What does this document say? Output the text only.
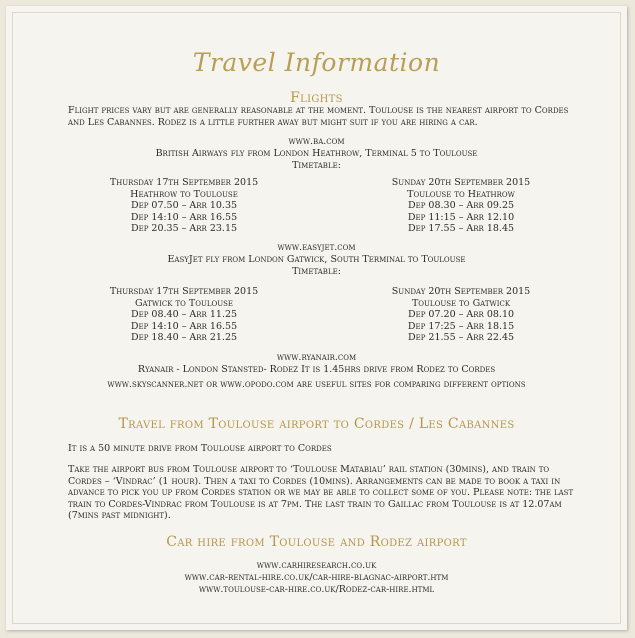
Travel Information
Flights
Flight prices vary but are generally reasonable at the moment. Toulouse is the nearest airport to Cordes and Les Cabannes. Rodez is a little further away but might suit if you are hiring a car.
www.ba.com
British Airways fly from London Heathrow, Terminal 5 to Toulouse
Timetable:
Thursday 17th September 2015
Heathrow to Toulouse
Dep 07.50 – Arr 10.35
Dep 14:10 – Arr 16.55
Dep 20.35 – Arr 23.15
Sunday 20th September 2015
Toulouse to Heathrow
Dep 08.30 – Arr 09.25
Dep 11:15 – Arr 12.10
Dep 17.55 – Arr 18.45
www.easyjet.com
EasyJet fly from London Gatwick, South Terminal to Toulouse
Timetable:
Thursday 17th September 2015
Gatwick to Toulouse
Dep 08.40 – Arr 11.25
Dep 14:10 – Arr 16.55
Dep 18.40 – Arr 21.25
Sunday 20th September 2015
Toulouse to Gatwick
Dep 07.20 – Arr 08.10
Dep 17:25 – Arr 18.15
Dep 21.55 – Arr 22.45
www.ryanair.com
Ryanair - London Stansted- Rodez It is 1.45hrs drive from Rodez to Cordes
www.skyscanner.net or www.opodo.com are useful sites for comparing different options
Travel from Toulouse airport to Cordes / Les Cabannes
It is a 50 minute drive from Toulouse airport to Cordes
Take the airport bus from Toulouse airport to ‘Toulouse Matabiau’ rail station (30mins), and train to Cordes – ‘Vindrac’ (1 hour). Then a taxi to Cordes (10mins). Arrangements can be made to book a taxi in advance to pick you up from Cordes station or we may be able to collect some of you. Please note: the last train to Cordes-Vindrac from Toulouse is at 7pm. The last train to Gaillac from Toulouse is at 12.07am (7mins past midnight).
Car hire from Toulouse and Rodez airport
www.carhiresearch.co.uk
www.car-rental-hire.co.uk/car-hire-blagnac-airport.htm
www.toulouse-car-hire.co.uk/Rodez-car-hire.html
